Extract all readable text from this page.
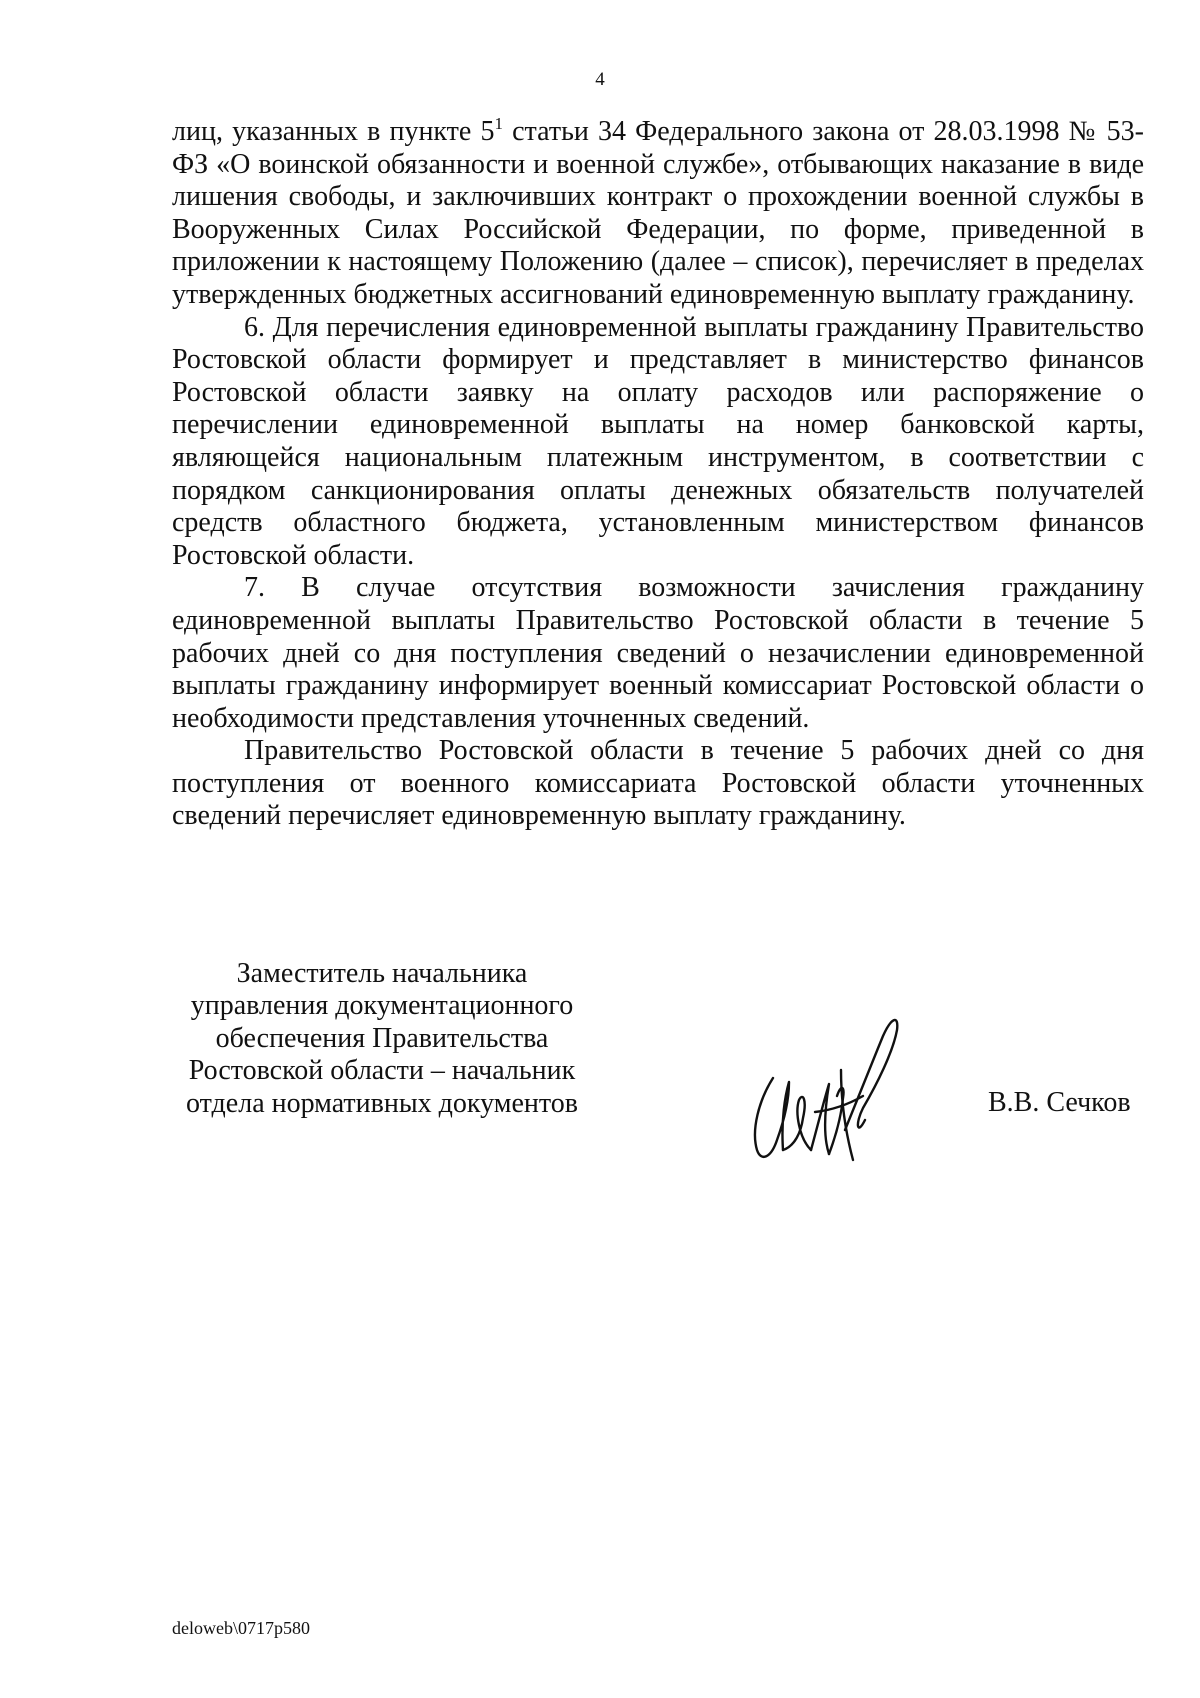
4

лиц, указанных в пункте $5^1$ статьи 34 Федерального закона от 28.03.1998 № 53-ФЗ «О воинской обязанности и военной службе», отбывающих наказание в виде лишения свободы, и заключивших контракт о прохождении военной службы в Вооруженных Силах Российской Федерации, по форме, приведенной в приложении к настоящему Положению (далее – список), перечисляет в пределах утвержденных бюджетных ассигнований единовременную выплату гражданину.

6. Для перечисления единовременной выплаты гражданину Правительство Ростовской области формирует и представляет в министерство финансов Ростовской области заявку на оплату расходов или распоряжение о перечислении единовременной выплаты на номер банковской карты, являющейся национальным платежным инструментом, в соответствии с порядком санкционирования оплаты денежных обязательств получателей средств областного бюджета, установленным министерством финансов Ростовской области.

7. В случае отсутствия возможности зачисления гражданину единовременной выплаты Правительство Ростовской области в течение 5 рабочих дней со дня поступления сведений о незачислении единовременной выплаты гражданину информирует военный комиссариат Ростовской области о необходимости представления уточненных сведений.

Правительство Ростовской области в течение 5 рабочих дней со дня поступления от военного комиссариата Ростовской области уточненных сведений перечисляет единовременную выплату гражданину.

Заместитель начальника
управления документационного
обеспечения Правительства
Ростовской области – начальник
отдела нормативных документов	В.В. Сечков
deloweb\0717p580
